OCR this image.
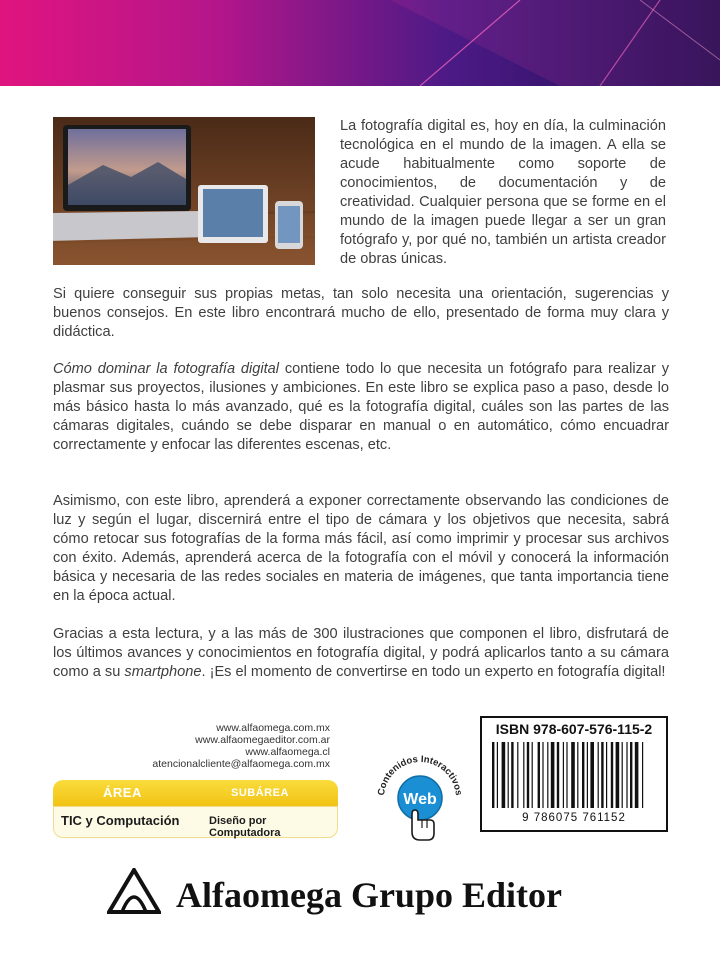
La fotografía digital es, hoy en día, la culminación tecnológica en el mundo de la imagen. A ella se acude habitualmente como soporte de conocimientos, de documentación y de creatividad. Cualquier persona que se forme en el mundo de la imagen puede llegar a ser un gran fotógrafo y, por qué no, también un artista creador de obras únicas.

Si quiere conseguir sus propias metas, tan solo necesita una orientación, sugerencias y buenos consejos. En este libro encontrará mucho de ello, presentado de forma muy clara y didáctica.

Cómo dominar la fotografía digital contiene todo lo que necesita un fotógrafo para realizar y plasmar sus proyectos, ilusiones y ambiciones. En este libro se explica paso a paso, desde lo más básico hasta lo más avanzado, qué es la fotografía digital, cuáles son las partes de las cámaras digitales, cuándo se debe disparar en manual o en automático, cómo encuadrar correctamente y enfocar las diferentes escenas, etc.

Asimismo, con este libro, aprenderá a exponer correctamente observando las condiciones de luz y según el lugar, discernirá entre el tipo de cámara y los objetivos que necesita, sabrá cómo retocar sus fotografías de la forma más fácil, así como imprimir y procesar sus archivos con éxito. Además, aprenderá acerca de la fotografía con el móvil y conocerá la información básica y necesaria de las redes sociales en materia de imágenes, que tanta importancia tiene en la época actual.

Gracias a esta lectura, y a las más de 300 ilustraciones que componen el libro, disfrutará de los últimos avances y conocimientos en fotografía digital, y podrá aplicarlos tanto a su cámara como a su smartphone. ¡Es el momento de convertirse en todo un experto en fotografía digital!

www.alfaomega.com.mx
www.alfaomegaeditor.com.ar
www.alfaomega.cl
atencionalcliente@alfaomega.com.mx
ÁREA	SUBÁREA
TIC y Computación	Diseño por Computadora
Contenidos Interactivos
Web
ISBN 978-607-576-115-2
9 786075 761152
Alfaomega Grupo Editor
